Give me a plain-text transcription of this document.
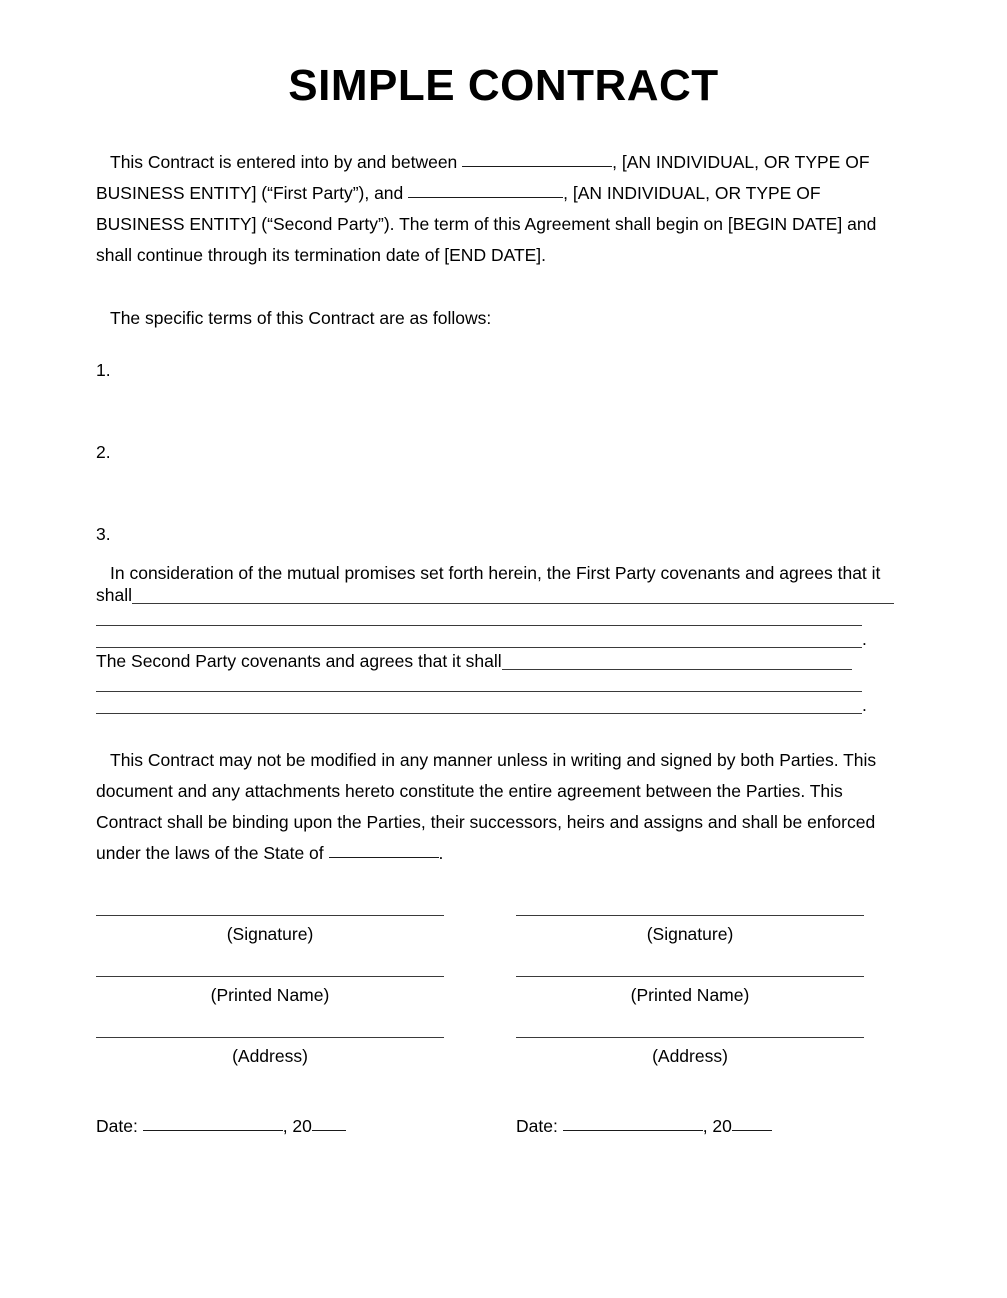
SIMPLE CONTRACT
This Contract is entered into by and between	, [AN INDIVIDUAL, OR TYPE OF BUSINESS ENTITY] (“First Party”), and	, [AN INDIVIDUAL, OR TYPE OF BUSINESS ENTITY] (“Second Party”). The term of this Agreement shall begin on [BEGIN DATE] and shall continue through its termination date of [END DATE].
The specific terms of this Contract are as follows:
1.
2.
3.
In consideration of the mutual promises set forth herein, the First Party covenants and agrees that it
shall
.
The Second Party covenants and agrees that it shall
.
This Contract may not be modified in any manner unless in writing and signed by both Parties. This document and any attachments hereto constitute the entire agreement between the Parties. This Contract shall be binding upon the Parties, their successors, heirs and assigns and shall be enforced under the laws of the State of	.
(Signature)
(Printed Name)
(Address)
(Signature)
(Printed Name)
(Address)
Date:	, 20	Date:	, 20
